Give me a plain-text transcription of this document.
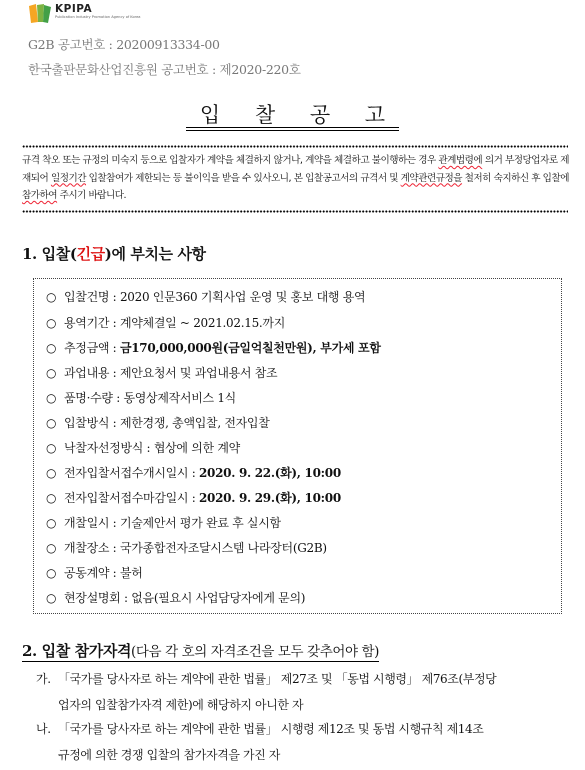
KPIPA
Publication Industry Promotion Agency of Korea
G2B 공고번호 : 20200913334-00
한국출판문화산업진흥원 공고번호 : 제2020-220호
입 찰 공 고
규격 착오 또는 규정의 미숙지 등으로 입찰자가 계약을 체결하지 않거나, 계약을 체결하고 불이행하는 경우 관계법령에 의거 부정당업자로 제재되어 일정기간 입찰참여가 제한되는 등 불이익을 받을 수 있사오니, 본 입찰공고서의 규격서 및 계약관련규정을 철저히 숙지하신 후 입찰에 참가하여 주시기 바랍니다.
1. 입찰(긴급)에 부치는 사항
○ 입찰건명 : 2020 인문360 기획사업 운영 및 홍보 대행 용역
○ 용역기간 : 계약체결일 ~ 2021.02.15.까지
○ 추정금액 : 금170,000,000원(금일억칠천만원), 부가세 포함
○ 과업내용 : 제안요청서 및 과업내용서 참조
○ 품명·수량 : 동영상제작서비스 1식
○ 입찰방식 : 제한경쟁, 총액입찰, 전자입찰
○ 낙찰자선정방식 : 협상에 의한 계약
○ 전자입찰서접수개시일시 : 2020. 9. 22.(화), 10:00
○ 전자입찰서접수마감일시 : 2020. 9. 29.(화), 10:00
○ 개찰일시 : 기술제안서 평가 완료 후 실시함
○ 개찰장소 : 국가종합전자조달시스템 나라장터(G2B)
○ 공동계약 : 불허
○ 현장설명회 : 없음(필요시 사업담당자에게 문의)
2. 입찰 참가자격(다음 각 호의 자격조건을 모두 갖추어야 함)
가. 「국가를 당사자로 하는 계약에 관한 법률」 제27조 및 「동법 시행령」 제76조(부정당
업자의 입찰참가자격 제한)에 해당하지 아니한 자
나. 「국가를 당사자로 하는 계약에 관한 법률」 시행령 제12조 및 동법 시행규칙 제14조
규정에 의한 경쟁 입찰의 참가자격을 가진 자
